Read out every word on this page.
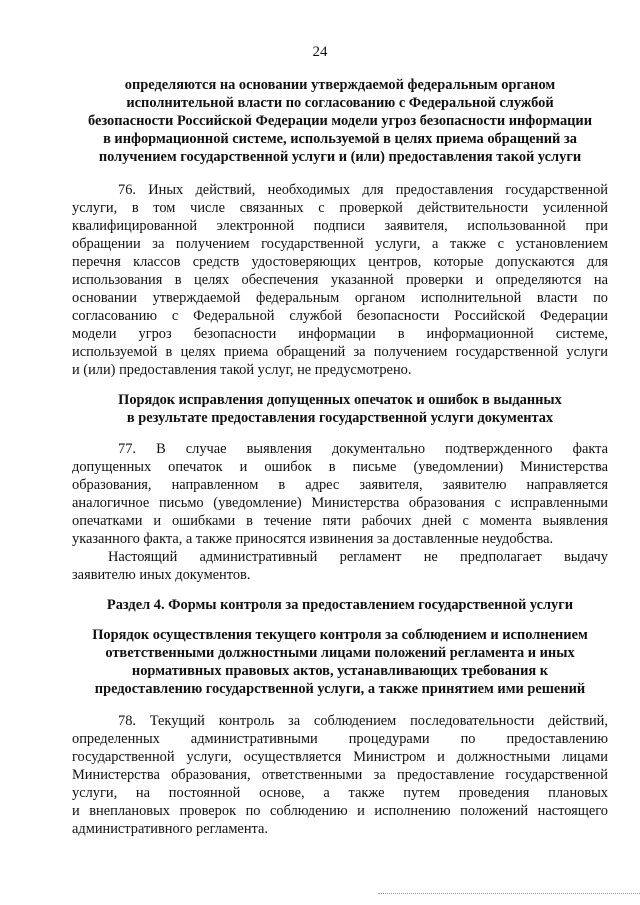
24
определяются на основании утверждаемой федеральным органом
исполнительной власти по согласованию с Федеральной службой
безопасности Российской Федерации модели угроз безопасности информации
в информационной системе, используемой в целях приема обращений за
получением государственной услуги и (или) предоставления такой услуги
76. Иных действий, необходимых для предоставления государственной
услуги, в том числе связанных с проверкой действительности усиленной
квалифицированной электронной подписи заявителя, использованной при
обращении за получением государственной услуги, а также с установлением
перечня классов средств удостоверяющих центров, которые допускаются для
использования в целях обеспечения указанной проверки и определяются на
основании утверждаемой федеральным органом исполнительной власти по
согласованию с Федеральной службой безопасности Российской Федерации
модели угроз безопасности информации в информационной системе,
используемой в целях приема обращений за получением государственной услуги
и (или) предоставления такой услуг, не предусмотрено.
Порядок исправления допущенных опечаток и ошибок в выданных
в результате предоставления государственной услуги документах
77. В случае выявления документально подтвержденного факта
допущенных опечаток и ошибок в письме (уведомлении) Министерства
образования, направленном в адрес заявителя, заявителю направляется
аналогичное письмо (уведомление) Министерства образования с исправленными
опечатками и ошибками в течение пяти рабочих дней с момента выявления
указанного факта, а также приносятся извинения за доставленные неудобства.
Настоящий административный регламент не предполагает выдачу
заявителю иных документов.
Раздел 4. Формы контроля за предоставлением государственной услуги
Порядок осуществления текущего контроля за соблюдением и исполнением
ответственными должностными лицами положений регламента и иных
нормативных правовых актов, устанавливающих требования к
предоставлению государственной услуги, а также принятием ими решений
78. Текущий контроль за соблюдением последовательности действий,
определенных административными процедурами по предоставлению
государственной услуги, осуществляется Министром и должностными лицами
Министерства образования, ответственными за предоставление государственной
услуги, на постоянной основе, а также путем проведения плановых
и внеплановых проверок по соблюдению и исполнению положений настоящего
административного регламента.
